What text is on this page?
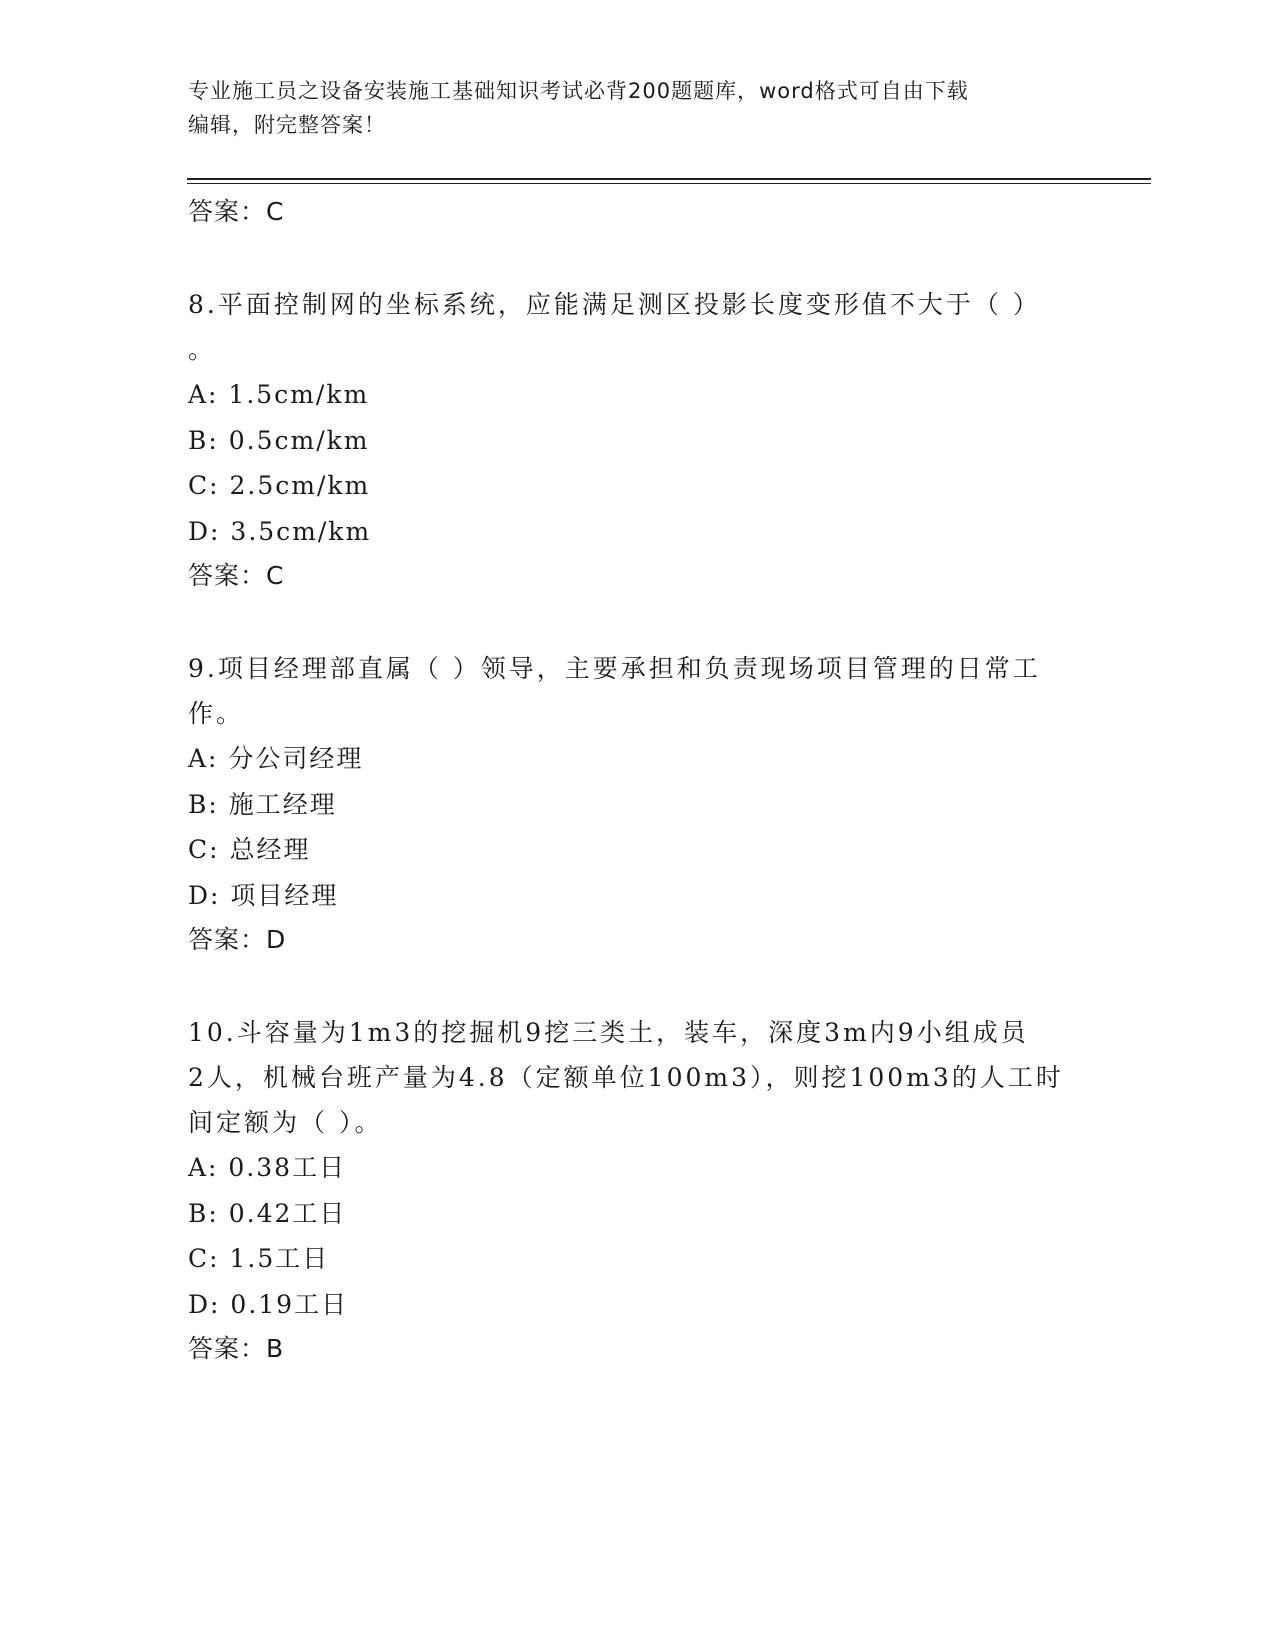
专业施工员之设备安装施工基础知识考试必背200题题库，word格式可自由下载
编辑，附完整答案！
答案：C
8.平面控制网的坐标系统，应能满足测区投影长度变形值不大于（ ）
。
A: 1.5cm/km
B: 0.5cm/km
C: 2.5cm/km
D: 3.5cm/km
答案：C
9.项目经理部直属（ ）领导，主要承担和负责现场项目管理的日常工
作。
A: 分公司经理
B: 施工经理
C: 总经理
D: 项目经理
答案：D
10.斗容量为1m3的挖掘机9挖三类土，装车，深度3m内9小组成员
2人，机械台班产量为4.8（定额单位100m3），则挖100m3的人工时
间定额为（ ）。
A: 0.38工日
B: 0.42工日
C: 1.5工日
D: 0.19工日
答案：B
